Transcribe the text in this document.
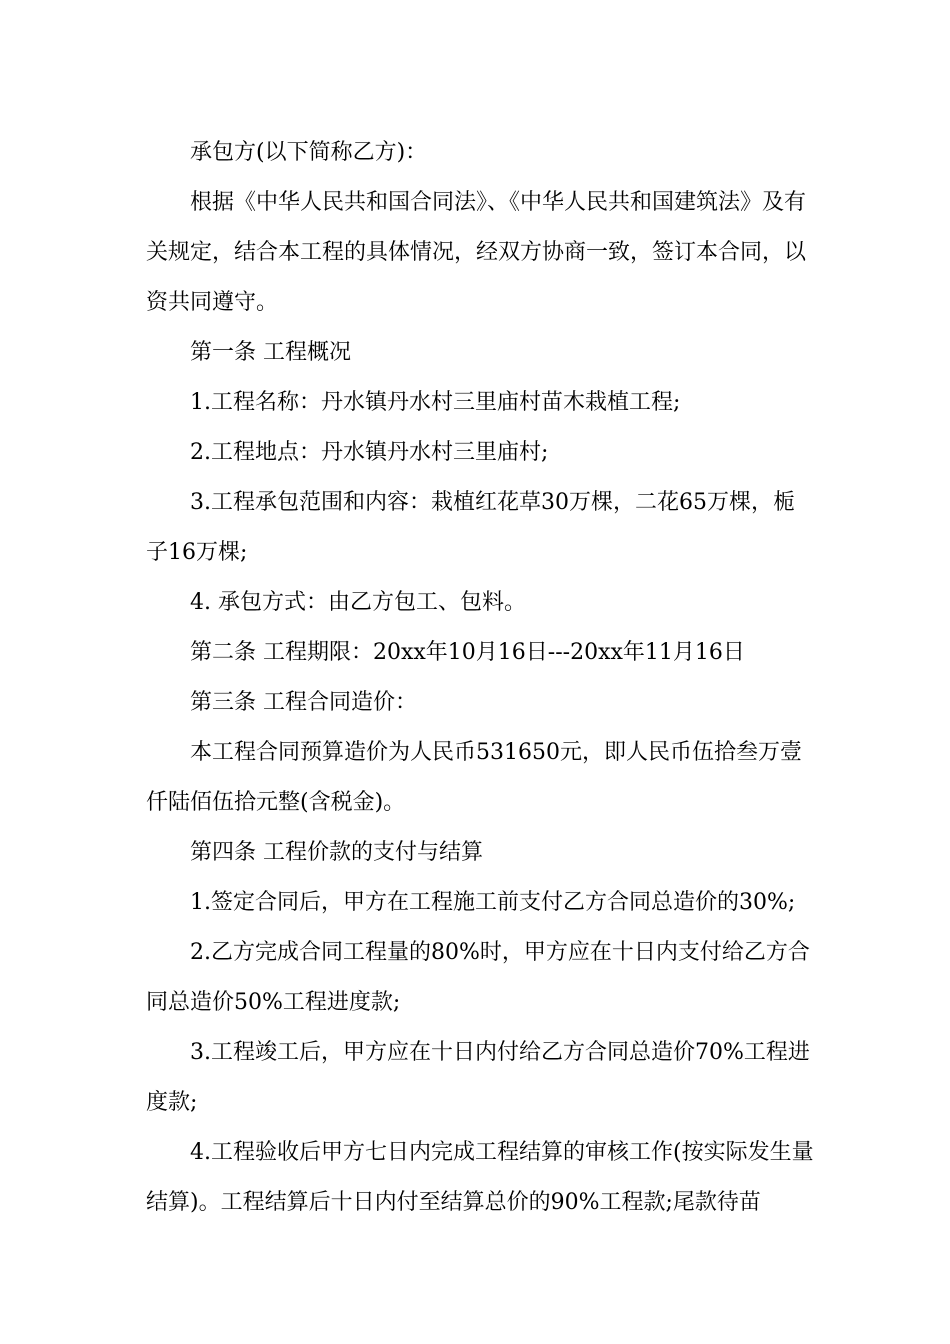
承包方(以下简称乙方)：

根据《中华人民共和国合同法》、《中华人民共和国建筑法》及有关规定，结合本工程的具体情况，经双方协商一致，签订本合同，以资共同遵守。

第一条 工程概况

1.工程名称：丹水镇丹水村三里庙村苗木栽植工程;

2.工程地点：丹水镇丹水村三里庙村;

3.工程承包范围和内容：栽植红花草30万棵，二花65万棵，栀子16万棵;

4. 承包方式：由乙方包工、包料。

第二条 工程期限：20xx年10月16日---20xx年11月16日

第三条 工程合同造价：

本工程合同预算造价为人民币531650元，即人民币伍拾叁万壹仟陆佰伍拾元整(含税金)。

第四条 工程价款的支付与结算

1.签定合同后，甲方在工程施工前支付乙方合同总造价的30%;

2.乙方完成合同工程量的80%时，甲方应在十日内支付给乙方合同总造价50%工程进度款;

3.工程竣工后，甲方应在十日内付给乙方合同总造价70%工程进度款;

4.工程验收后甲方七日内完成工程结算的审核工作(按实际发生量结算)。工程结算后十日内付至结算总价的90%工程款;尾款待苗
